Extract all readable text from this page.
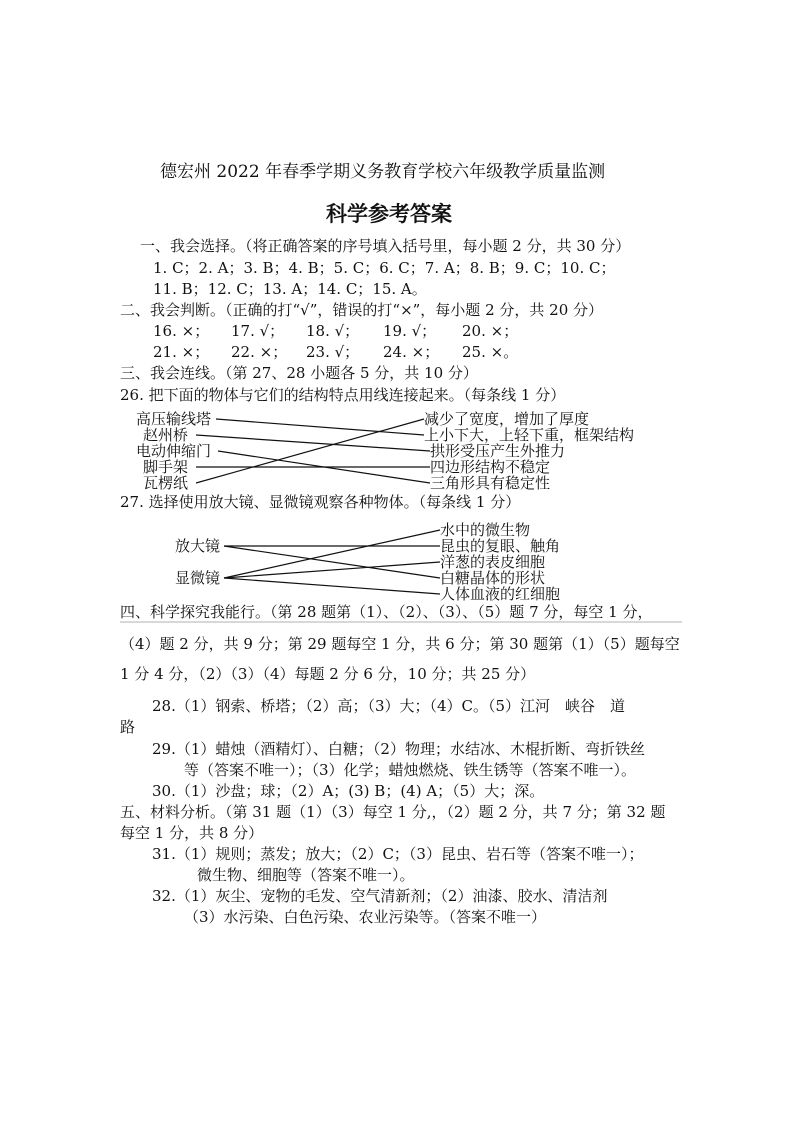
德宏州 2022 年春季学期义务教育学校六年级教学质量监测
科学参考答案
一、我会选择。（将正确答案的序号填入括号里，每小题 2 分，共 30 分）
1. C；2. A；3. B；4. B；5. C；6. C；7. A；8. B；9. C；10. C；
11. B；12. C；13. A；14. C；15. A。
二、我会判断。（正确的打“√”，错误的打“×”，每小题 2 分，共 20 分）
16. ×； 17. √； 18. √； 19. √； 20. ×；
21. ×； 22. ×； 23. √； 24. ×； 25. ×。
三、我会连线。（第 27、28 小题各 5 分，共 10 分）
26. 把下面的物体与它们的结构特点用线连接起来。（每条线 1 分）
高压输线塔
赵州桥
电动伸缩门
脚手架
瓦楞纸
减少了宽度，增加了厚度
上小下大，上轻下重，框架结构
拱形受压产生外推力
四边形结构不稳定
三角形具有稳定性
27. 选择使用放大镜、显微镜观察各种物体。（每条线 1 分）
放大镜
显微镜
水中的微生物
昆虫的复眼、触角
洋葱的表皮细胞
白糖晶体的形状
人体血液的红细胞
四、科学探究我能行。（第 28 题第（1）、（2）、（3）、（5）题 7 分，每空 1 分，
（4）题 2 分，共 9 分；第 29 题每空 1 分，共 6 分；第 30 题第（1）（5）题每空
1 分 4 分，（2）（3）（4）每题 2 分 6 分，10 分；共 25 分）
28.（1）钢索、桥塔；（2）高；（3）大；（4）C。（5）江河　峡谷　道
路
29.（1）蜡烛（酒精灯）、白糖；（2）物理；水结冰、木棍折断、弯折铁丝
等（答案不唯一）；（3）化学；蜡烛燃烧、铁生锈等（答案不唯一）。
30.（1）沙盘；球；（2）A；(3) B；(4) A；（5）大；深。
五、材料分析。（第 31 题（1）（3）每空 1 分,，（2）题 2 分，共 7 分；第 32 题
每空 1 分，共 8 分）
31.（1）规则；蒸发；放大；（2）C；（3）昆虫、岩石等（答案不唯一）；
微生物、细胞等（答案不唯一）。
32.（1）灰尘、宠物的毛发、空气清新剂；（2）油漆、胶水、清洁剂
（3）水污染、白色污染、农业污染等。（答案不唯一）
